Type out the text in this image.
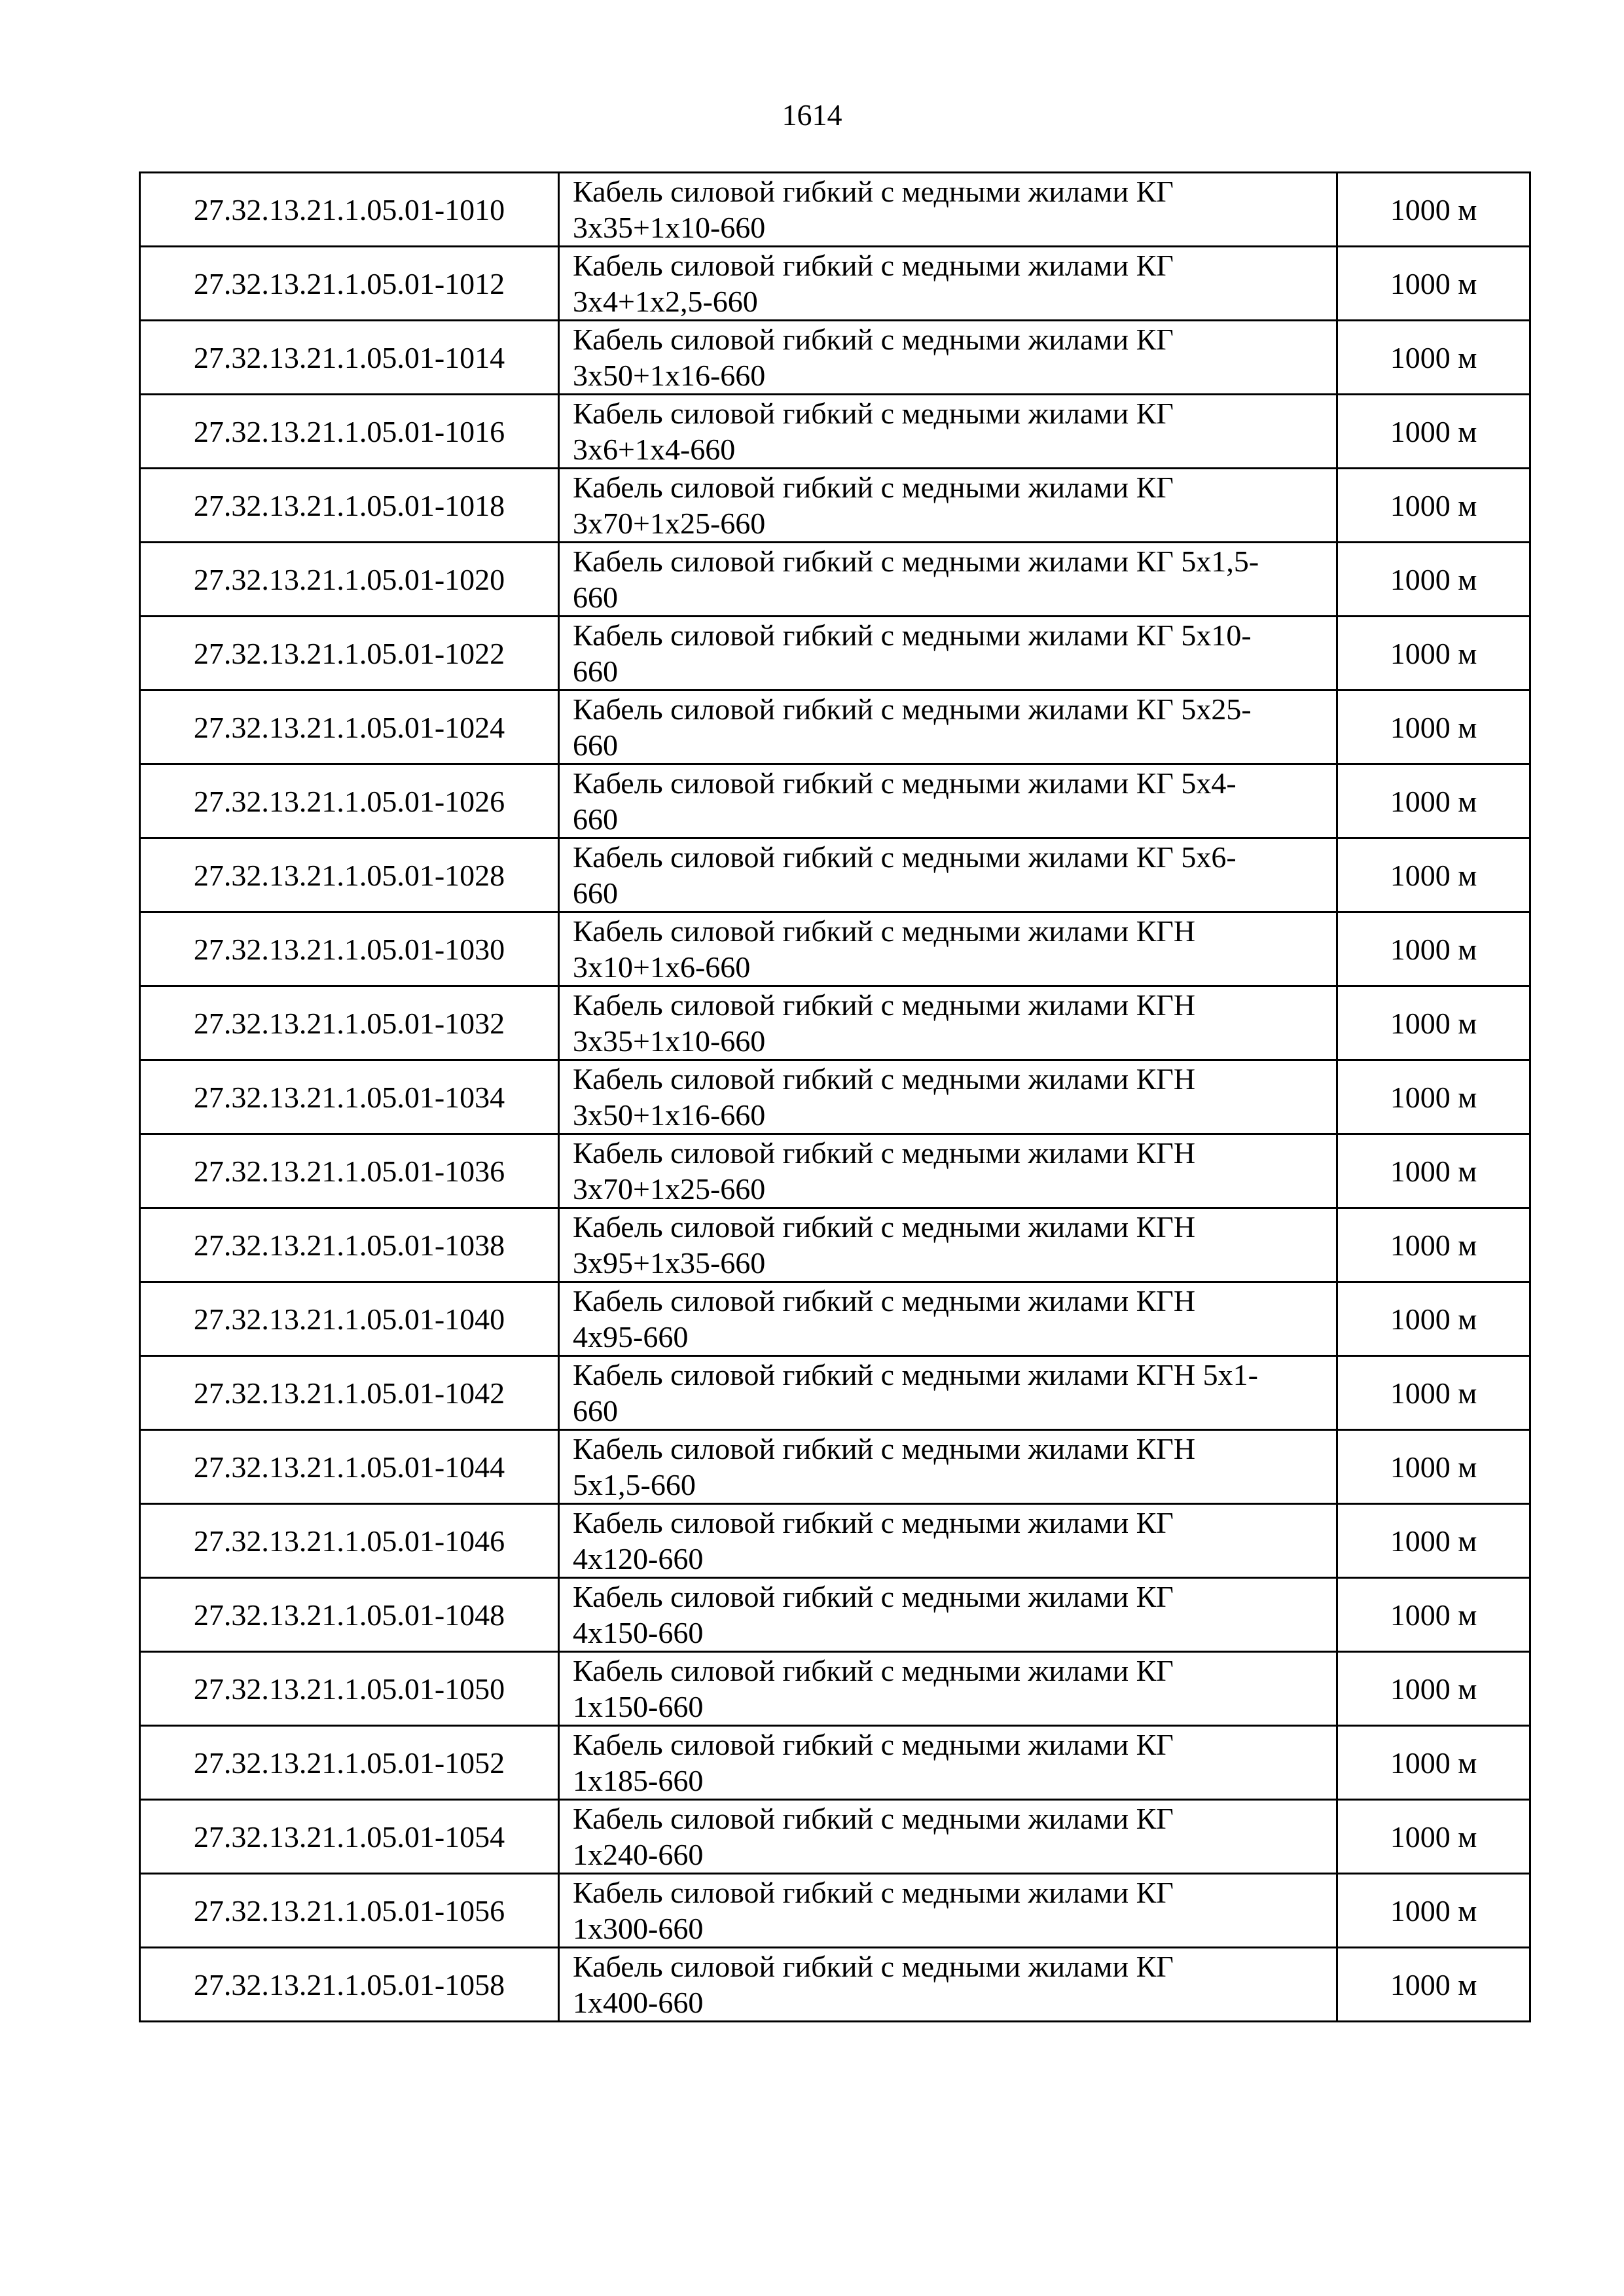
1614
27.32.13.21.1.05.01-1010	Кабель силовой гибкий с медными жилами КГ
3х35+1х10-660	1000 м
27.32.13.21.1.05.01-1012	Кабель силовой гибкий с медными жилами КГ
3х4+1х2,5-660	1000 м
27.32.13.21.1.05.01-1014	Кабель силовой гибкий с медными жилами КГ
3х50+1х16-660	1000 м
27.32.13.21.1.05.01-1016	Кабель силовой гибкий с медными жилами КГ
3х6+1х4-660	1000 м
27.32.13.21.1.05.01-1018	Кабель силовой гибкий с медными жилами КГ
3х70+1х25-660	1000 м
27.32.13.21.1.05.01-1020	Кабель силовой гибкий с медными жилами КГ 5х1,5-
660	1000 м
27.32.13.21.1.05.01-1022	Кабель силовой гибкий с медными жилами КГ 5х10-
660	1000 м
27.32.13.21.1.05.01-1024	Кабель силовой гибкий с медными жилами КГ 5х25-
660	1000 м
27.32.13.21.1.05.01-1026	Кабель силовой гибкий с медными жилами КГ 5х4-
660	1000 м
27.32.13.21.1.05.01-1028	Кабель силовой гибкий с медными жилами КГ 5х6-
660	1000 м
27.32.13.21.1.05.01-1030	Кабель силовой гибкий с медными жилами КГН
3х10+1х6-660	1000 м
27.32.13.21.1.05.01-1032	Кабель силовой гибкий с медными жилами КГН
3х35+1х10-660	1000 м
27.32.13.21.1.05.01-1034	Кабель силовой гибкий с медными жилами КГН
3х50+1х16-660	1000 м
27.32.13.21.1.05.01-1036	Кабель силовой гибкий с медными жилами КГН
3х70+1х25-660	1000 м
27.32.13.21.1.05.01-1038	Кабель силовой гибкий с медными жилами КГН
3х95+1х35-660	1000 м
27.32.13.21.1.05.01-1040	Кабель силовой гибкий с медными жилами КГН
4х95-660	1000 м
27.32.13.21.1.05.01-1042	Кабель силовой гибкий с медными жилами КГН 5х1-
660	1000 м
27.32.13.21.1.05.01-1044	Кабель силовой гибкий с медными жилами КГН
5х1,5-660	1000 м
27.32.13.21.1.05.01-1046	Кабель силовой гибкий с медными жилами КГ
4х120-660	1000 м
27.32.13.21.1.05.01-1048	Кабель силовой гибкий с медными жилами КГ
4х150-660	1000 м
27.32.13.21.1.05.01-1050	Кабель силовой гибкий с медными жилами КГ
1х150-660	1000 м
27.32.13.21.1.05.01-1052	Кабель силовой гибкий с медными жилами КГ
1х185-660	1000 м
27.32.13.21.1.05.01-1054	Кабель силовой гибкий с медными жилами КГ
1х240-660	1000 м
27.32.13.21.1.05.01-1056	Кабель силовой гибкий с медными жилами КГ
1х300-660	1000 м
27.32.13.21.1.05.01-1058	Кабель силовой гибкий с медными жилами КГ
1х400-660	1000 м
